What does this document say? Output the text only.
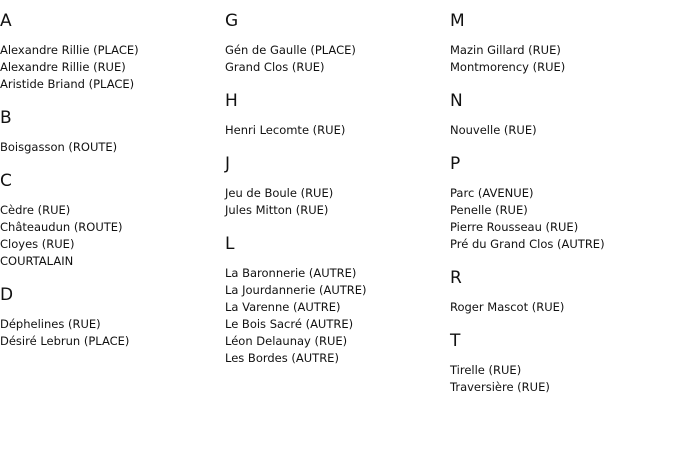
A
Alexandre Rillie (PLACE)
Alexandre Rillie (RUE)
Aristide Briand (PLACE)
B
Boisgasson (ROUTE)
C
Cèdre (RUE)
Châteaudun (ROUTE)
Cloyes (RUE)
COURTALAIN
D
Déphelines (RUE)
Désiré Lebrun (PLACE)
G
Gén de Gaulle (PLACE)
Grand Clos (RUE)
H
Henri Lecomte (RUE)
J
Jeu de Boule (RUE)
Jules Mitton (RUE)
L
La Baronnerie (AUTRE)
La Jourdannerie (AUTRE)
La Varenne (AUTRE)
Le Bois Sacré (AUTRE)
Léon Delaunay (RUE)
Les Bordes (AUTRE)
M
Mazin Gillard (RUE)
Montmorency (RUE)
N
Nouvelle (RUE)
P
Parc (AVENUE)
Penelle (RUE)
Pierre Rousseau (RUE)
Pré du Grand Clos (AUTRE)
R
Roger Mascot (RUE)
T
Tirelle (RUE)
Traversière (RUE)
